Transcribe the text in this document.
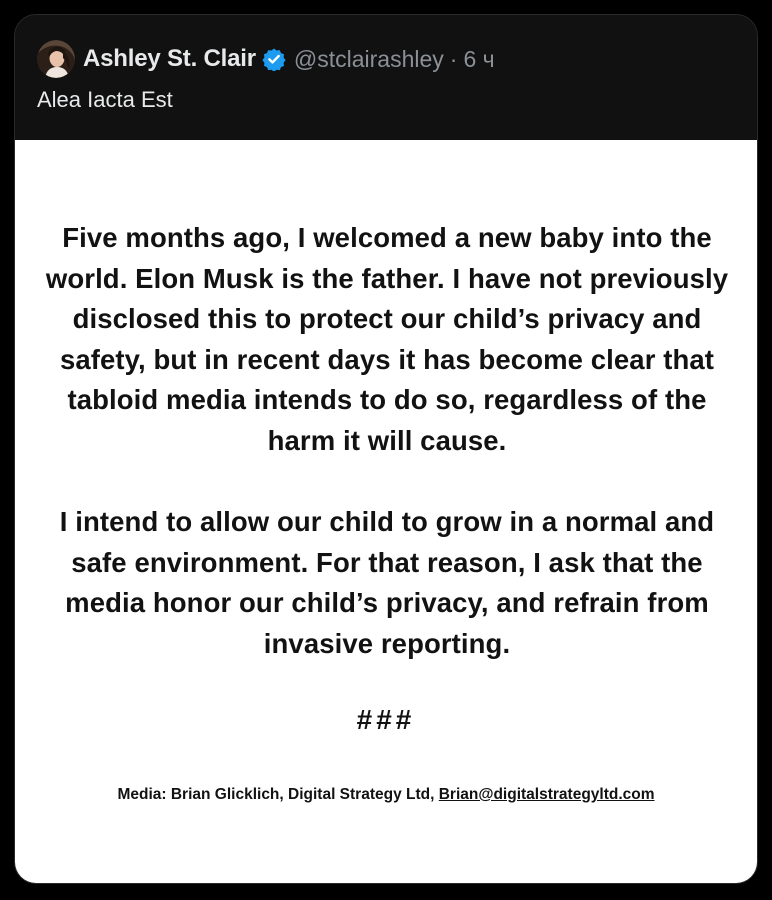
Ashley St. Clair @stclairashley · 6 ч
Alea Iacta Est
Five months ago, I welcomed a new baby into the world. Elon Musk is the father. I have not previously disclosed this to protect our child’s privacy and safety, but in recent days it has become clear that tabloid media intends to do so, regardless of the harm it will cause.
I intend to allow our child to grow in a normal and safe environment. For that reason, I ask that the media honor our child’s privacy, and refrain from invasive reporting.
###
Media: Brian Glicklich, Digital Strategy Ltd, Brian@digitalstrategyltd.com
